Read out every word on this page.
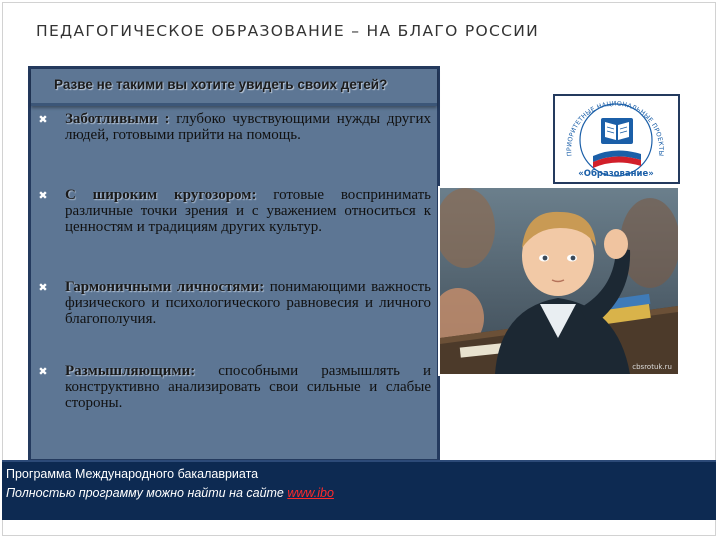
ПЕДАГОГИЧЕСКОЕ ОБРАЗОВАНИЕ – НА БЛАГО РОССИИ
Разве не такими вы хотите увидеть своих детей?
✖ Заботливыми : глубоко чувствующими нужды других людей, готовыми прийти на помощь.
✖ С широким кругозором: готовые воспринимать различные точки зрения и с уважением относиться к ценностям и традициям других культур.
✖ Гармоничными личностями: понимающими важность физического и психологического равновесия и личного благополучия.
✖ Размышляющими: способными размышлять и конструктивно анализировать свои сильные и слабые стороны.
ПРИОРИТЕТНЫЕ НАЦИОНАЛЬНЫЕ ПРОЕКТЫ
«Образование»
cbsrotuk.ru
Программа Международного бакалавриата
Полностью программу можно найти на сайте www.ibo
